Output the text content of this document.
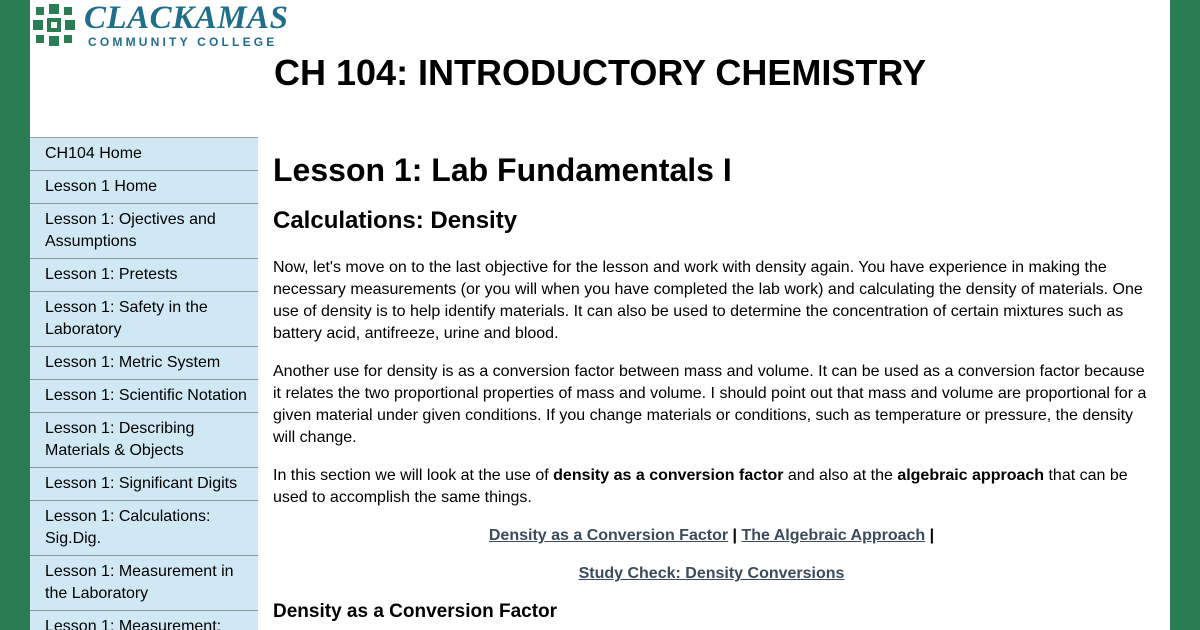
CLACKAMAS
COMMUNITY COLLEGE
CH 104: INTRODUCTORY CHEMISTRY
CH104 Home
Lesson 1 Home
Lesson 1: Ojectives and Assumptions
Lesson 1: Pretests
Lesson 1: Safety in the Laboratory
Lesson 1: Metric System
Lesson 1: Scientific Notation
Lesson 1: Describing Materials & Objects
Lesson 1: Significant Digits
Lesson 1: Calculations: Sig.Dig.
Lesson 1: Measurement in the Laboratory
Lesson 1: Measurement:
Lesson 1: Lab Fundamentals I
Calculations: Density

Now, let's move on to the last objective for the lesson and work with density again. You have experience in making the necessary measurements (or you will when you have completed the lab work) and calculating the density of materials. One use of density is to help identify materials. It can also be used to determine the concentration of certain mixtures such as battery acid, antifreeze, urine and blood.

Another use for density is as a conversion factor between mass and volume. It can be used as a conversion factor because it relates the two proportional properties of mass and volume. I should point out that mass and volume are proportional for a given material under given conditions. If you change materials or conditions, such as temperature or pressure, the density will change.

In this section we will look at the use of density as a conversion factor and also at the algebraic approach that can be used to accomplish the same things.

Density as a Conversion Factor | The Algebraic Approach |

Study Check: Density Conversions

Density as a Conversion Factor
